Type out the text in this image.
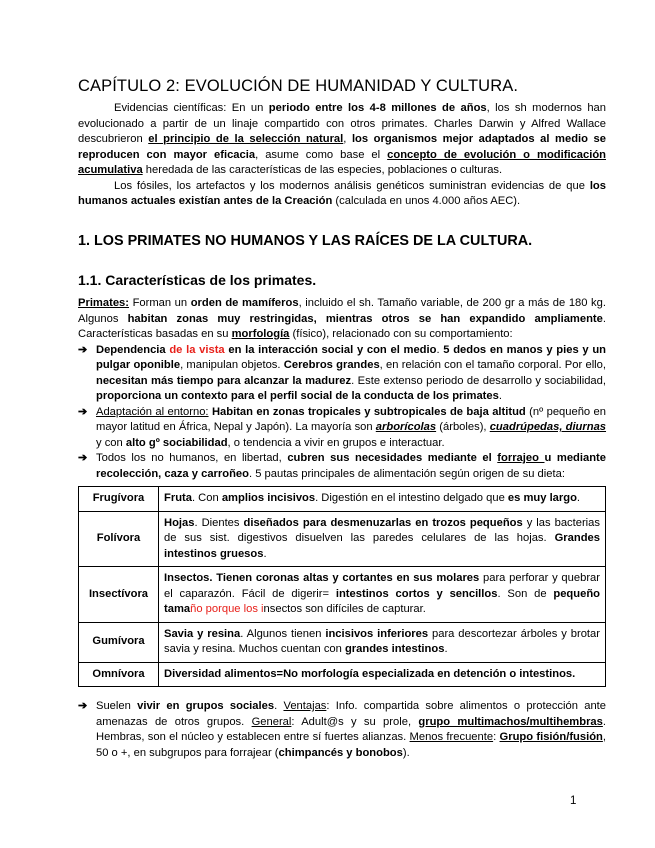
CAPÍTULO 2: EVOLUCIÓN DE HUMANIDAD Y CULTURA.

Evidencias científicas: En un periodo entre los 4-8 millones de años, los sh modernos han evolucionado a partir de un linaje compartido con otros primates. Charles Darwin y Alfred Wallace descubrieron el principio de la selección natural, los organismos mejor adaptados al medio se reproducen con mayor eficacia, asume como base el concepto de evolución o modificación acumulativa heredada de las características de las especies, poblaciones o culturas.

Los fósiles, los artefactos y los modernos análisis genéticos suministran evidencias de que los humanos actuales existían antes de la Creación (calculada en unos 4.000 años AEC).

1. LOS PRIMATES NO HUMANOS Y LAS RAÍCES DE LA CULTURA.
1.1. Características de los primates.

Primates: Forman un orden de mamíferos, incluido el sh. Tamaño variable, de 200 gr a más de 180 kg. Algunos habitan zonas muy restringidas, mientras otros se han expandido ampliamente. Características basadas en su morfología (físico), relacionado con su comportamiento:

➔ Dependencia de la vista en la interacción social y con el medio. 5 dedos en manos y pies y un pulgar oponible, manipulan objetos. Cerebros grandes, en relación con el tamaño corporal. Por ello, necesitan más tiempo para alcanzar la madurez. Este extenso periodo de desarrollo y sociabilidad, proporciona un contexto para el perfil social de la conducta de los primates.
➔ Adaptación al entorno: Habitan en zonas tropicales y subtropicales de baja altitud (nº pequeño en mayor latitud en África, Nepal y Japón). La mayoría son arborícolas (árboles), cuadrúpedas, diurnas y con alto gº sociabilidad, o tendencia a vivir en grupos e interactuar.
➔ Todos los no humanos, en libertad, cubren sus necesidades mediante el forrajeo u mediante recolección, caza y carroñeo. 5 pautas principales de alimentación según origen de su dieta:
Frugívora	Fruta. Con amplios incisivos. Digestión en el intestino delgado que es muy largo.
Folívora	Hojas. Dientes diseñados para desmenuzarlas en trozos pequeños y las bacterias de sus sist. digestivos disuelven las paredes celulares de las hojas. Grandes intestinos gruesos.
Insectívora	Insectos. Tienen coronas altas y cortantes en sus molares para perforar y quebrar el caparazón. Fácil de digerir= intestinos cortos y sencillos. Son de pequeño tamaño porque los insectos son difíciles de capturar.
Gumívora	Savia y resina. Algunos tienen incisivos inferiores para descortezar árboles y brotar savia y resina. Muchos cuentan con grandes intestinos.
Omnívora	Diversidad alimentos=No morfología especializada en detención o intestinos.
➔ Suelen vivir en grupos sociales. Ventajas: Info. compartida sobre alimentos o protección ante amenazas de otros grupos. General: Adult@s y su prole, grupo multimachos/multihembras. Hembras, son el núcleo y establecen entre sí fuertes alianzas. Menos frecuente: Grupo fisión/fusión, 50 o +, en subgrupos para forrajear (chimpancés y bonobos).
1
